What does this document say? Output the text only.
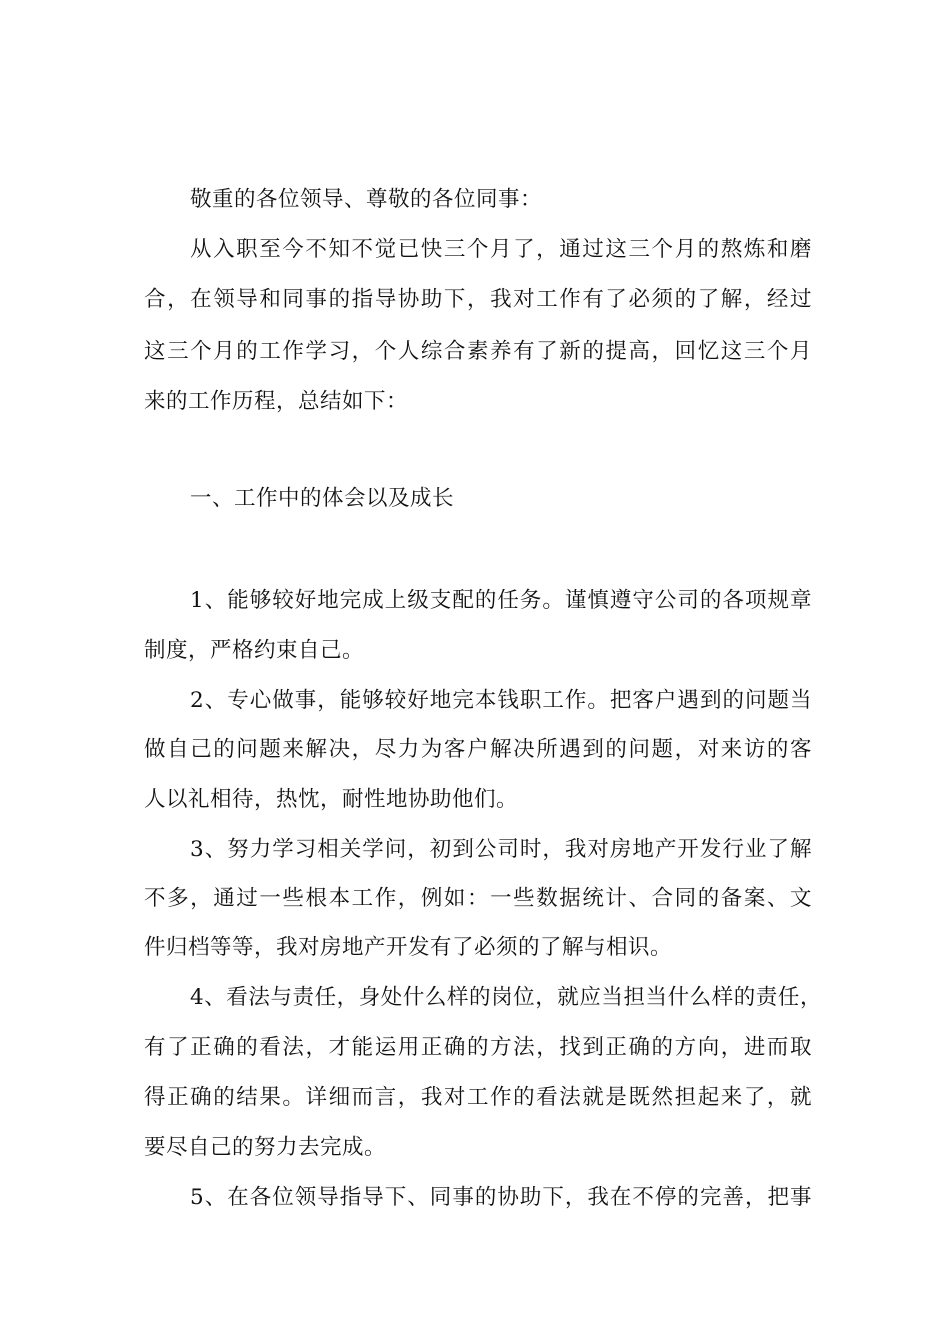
敬重的各位领导、尊敬的各位同事：
从入职至今不知不觉已快三个月了，通过这三个月的熬炼和磨
合，在领导和同事的指导协助下，我对工作有了必须的了解，经过
这三个月的工作学习，个人综合素养有了新的提高，回忆这三个月
来的工作历程，总结如下：
一、工作中的体会以及成长
1、能够较好地完成上级支配的任务。谨慎遵守公司的各项规章
制度，严格约束自己。
2、专心做事，能够较好地完本钱职工作。把客户遇到的问题当
做自己的问题来解决，尽力为客户解决所遇到的问题，对来访的客
人以礼相待，热忱，耐性地协助他们。
3、努力学习相关学问，初到公司时，我对房地产开发行业了解
不多，通过一些根本工作，例如：一些数据统计、合同的备案、文
件归档等等，我对房地产开发有了必须的了解与相识。
4、看法与责任，身处什么样的岗位，就应当担当什么样的责任，
有了正确的看法，才能运用正确的方法，找到正确的方向，进而取
得正确的结果。详细而言，我对工作的看法就是既然担起来了，就
要尽自己的努力去完成。
5、在各位领导指导下、同事的协助下，我在不停的完善，把事
